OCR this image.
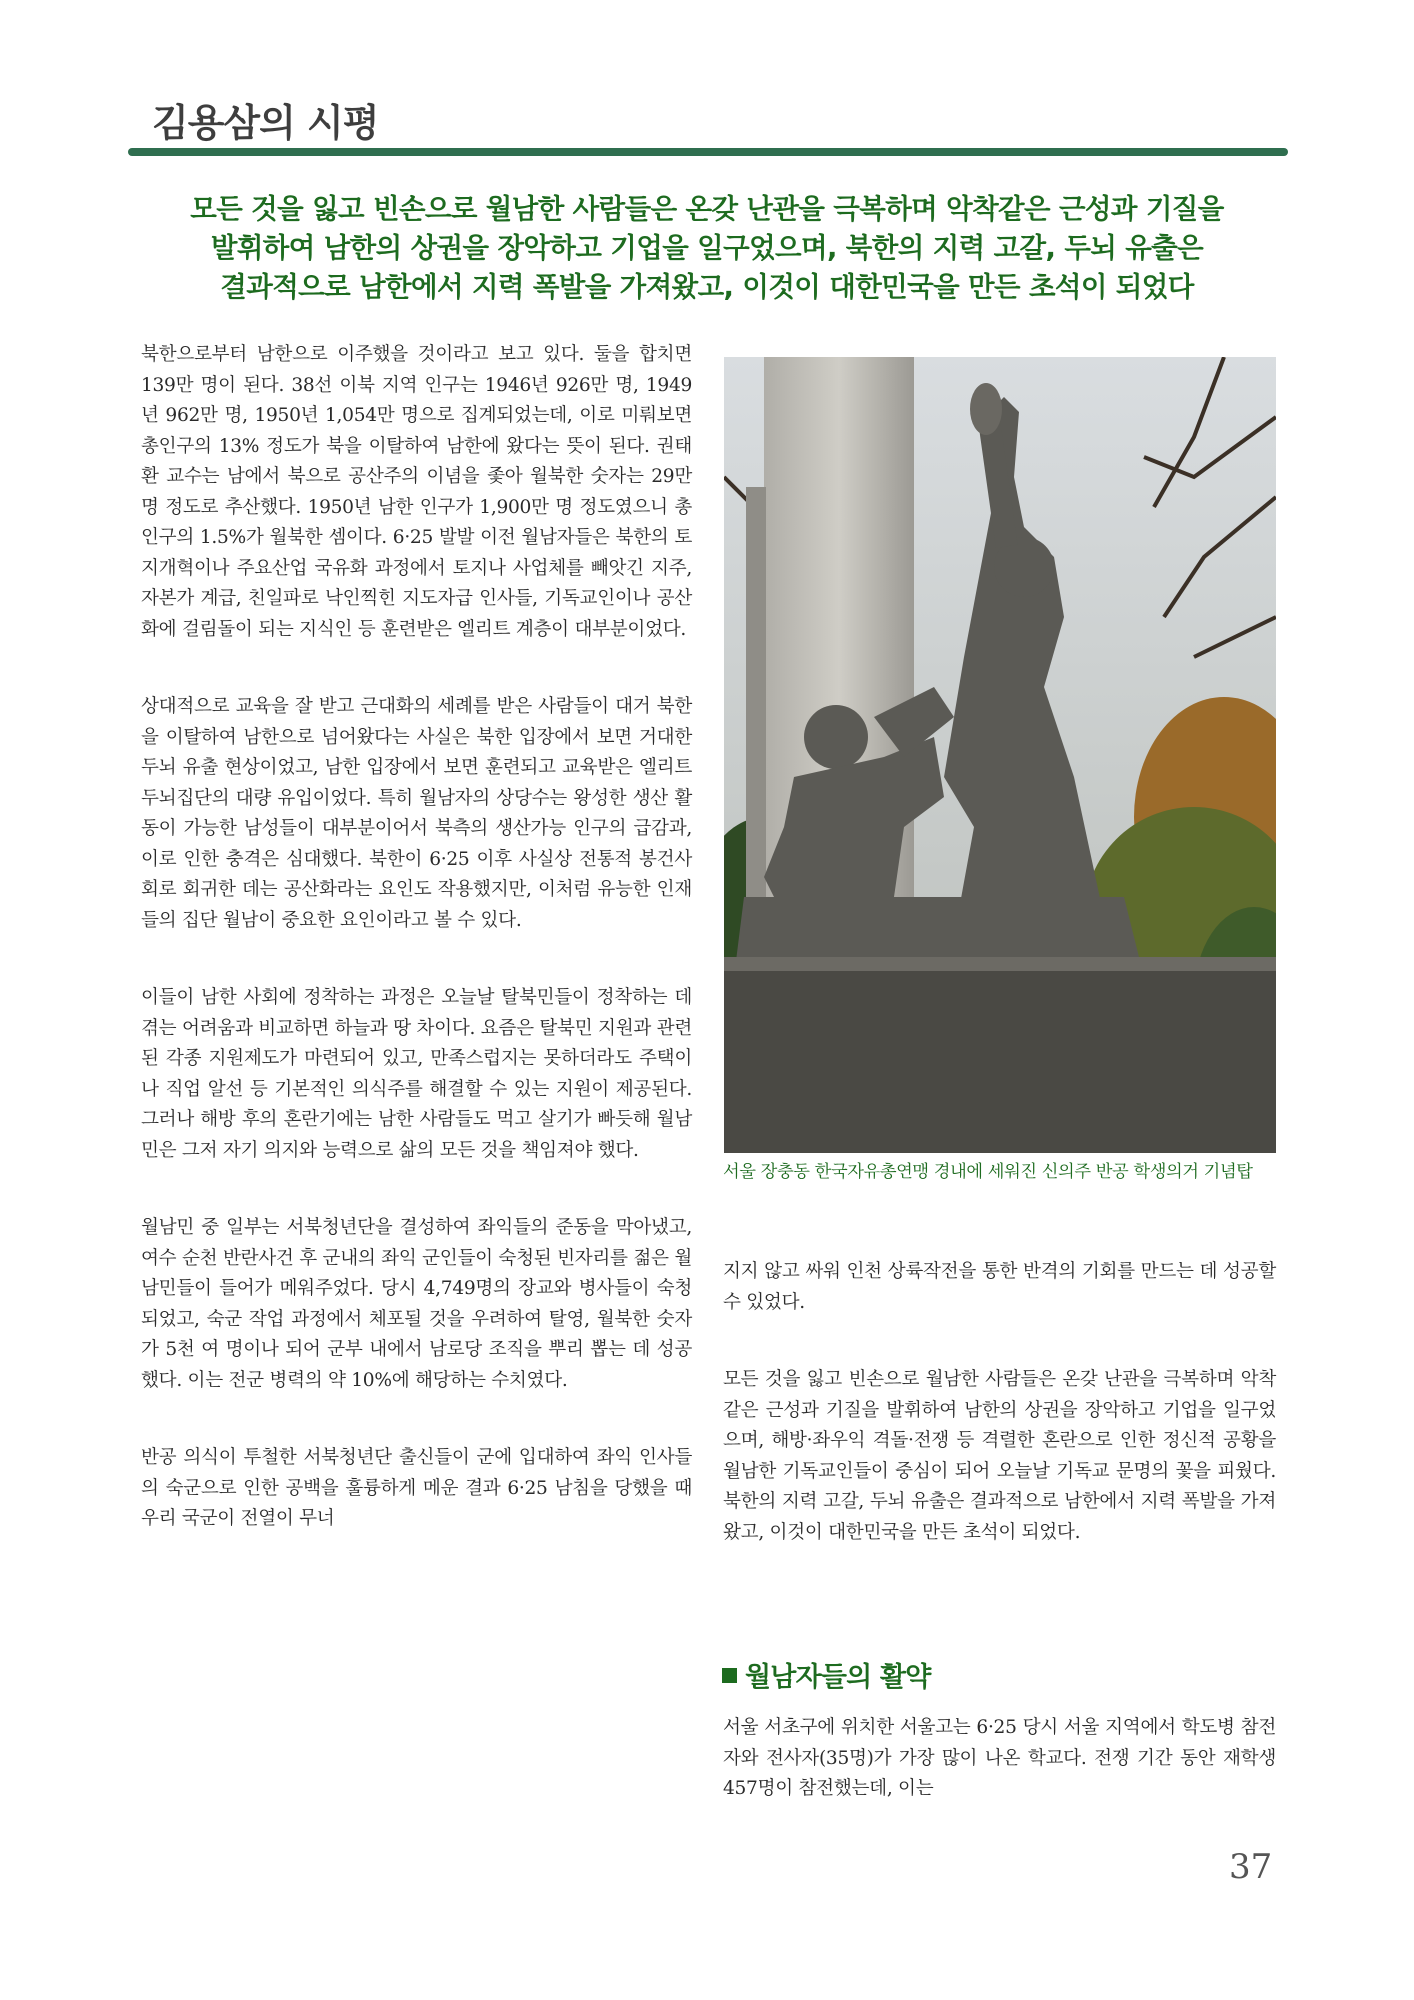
김용삼의 시평
모든 것을 잃고 빈손으로 월남한 사람들은 온갖 난관을 극복하며 악착같은 근성과 기질을
발휘하여 남한의 상권을 장악하고 기업을 일구었으며, 북한의 지력 고갈, 두뇌 유출은
결과적으로 남한에서 지력 폭발을 가져왔고, 이것이 대한민국을 만든 초석이 되었다

북한으로부터 남한으로 이주했을 것이라고 보고 있다. 둘을 합치면 139만 명이 된다. 38선 이북 지역 인구는 1946년 926만 명, 1949년 962만 명, 1950년 1,054만 명으로 집계되었는데, 이로 미뤄보면 총인구의 13% 정도가 북을 이탈하여 남한에 왔다는 뜻이 된다. 권태환 교수는 남에서 북으로 공산주의 이념을 좇아 월북한 숫자는 29만 명 정도로 추산했다. 1950년 남한 인구가 1,900만 명 정도였으니 총인구의 1.5%가 월북한 셈이다. 6·25 발발 이전 월남자들은 북한의 토지개혁이나 주요산업 국유화 과정에서 토지나 사업체를 빼앗긴 지주, 자본가 계급, 친일파로 낙인찍힌 지도자급 인사들, 기독교인이나 공산화에 걸림돌이 되는 지식인 등 훈련받은 엘리트 계층이 대부분이었다.

상대적으로 교육을 잘 받고 근대화의 세례를 받은 사람들이 대거 북한을 이탈하여 남한으로 넘어왔다는 사실은 북한 입장에서 보면 거대한 두뇌 유출 현상이었고, 남한 입장에서 보면 훈련되고 교육받은 엘리트 두뇌집단의 대량 유입이었다. 특히 월남자의 상당수는 왕성한 생산 활동이 가능한 남성들이 대부분이어서 북측의 생산가능 인구의 급감과, 이로 인한 충격은 심대했다. 북한이 6·25 이후 사실상 전통적 봉건사회로 회귀한 데는 공산화라는 요인도 작용했지만, 이처럼 유능한 인재들의 집단 월남이 중요한 요인이라고 볼 수 있다.

이들이 남한 사회에 정착하는 과정은 오늘날 탈북민들이 정착하는 데 겪는 어려움과 비교하면 하늘과 땅 차이다. 요즘은 탈북민 지원과 관련된 각종 지원제도가 마련되어 있고, 만족스럽지는 못하더라도 주택이나 직업 알선 등 기본적인 의식주를 해결할 수 있는 지원이 제공된다. 그러나 해방 후의 혼란기에는 남한 사람들도 먹고 살기가 빠듯해 월남민은 그저 자기 의지와 능력으로 삶의 모든 것을 책임져야 했다.

월남민 중 일부는 서북청년단을 결성하여 좌익들의 준동을 막아냈고, 여수 순천 반란사건 후 군내의 좌익 군인들이 숙청된 빈자리를 젊은 월남민들이 들어가 메워주었다. 당시 4,749명의 장교와 병사들이 숙청되었고, 숙군 작업 과정에서 체포될 것을 우려하여 탈영, 월북한 숫자가 5천 여 명이나 되어 군부 내에서 남로당 조직을 뿌리 뽑는 데 성공했다. 이는 전군 병력의 약 10%에 해당하는 수치였다.

반공 의식이 투철한 서북청년단 출신들이 군에 입대하여 좌익 인사들의 숙군으로 인한 공백을 훌륭하게 메운 결과 6·25 남침을 당했을 때 우리 국군이 전열이 무너

서울 장충동 한국자유총연맹 경내에 세워진 신의주 반공 학생의거 기념탑

지지 않고 싸워 인천 상륙작전을 통한 반격의 기회를 만드는 데 성공할 수 있었다.

모든 것을 잃고 빈손으로 월남한 사람들은 온갖 난관을 극복하며 악착같은 근성과 기질을 발휘하여 남한의 상권을 장악하고 기업을 일구었으며, 해방·좌우익 격돌·전쟁 등 격렬한 혼란으로 인한 정신적 공황을 월남한 기독교인들이 중심이 되어 오늘날 기독교 문명의 꽃을 피웠다. 북한의 지력 고갈, 두뇌 유출은 결과적으로 남한에서 지력 폭발을 가져왔고, 이것이 대한민국을 만든 초석이 되었다.

월남자들의 활약

서울 서초구에 위치한 서울고는 6·25 당시 서울 지역에서 학도병 참전자와 전사자(35명)가 가장 많이 나온 학교다. 전쟁 기간 동안 재학생 457명이 참전했는데, 이는

37
